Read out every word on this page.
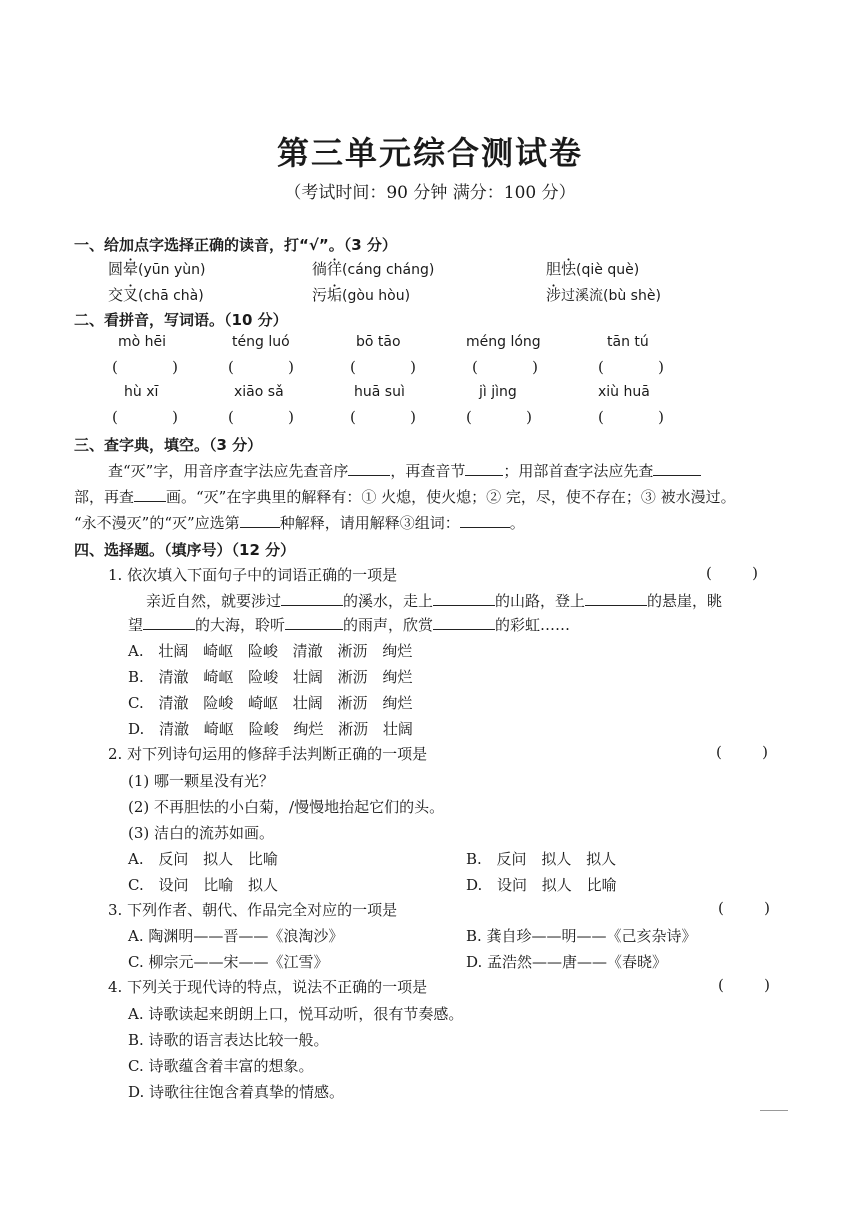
第三单元综合测试卷
（考试时间：90 分钟 满分：100 分）
一、给加点字选择正确的读音，打“√”。（3 分）
圆晕(yūn yùn)	徜徉(cáng cháng)	胆怯(qiè què)
交叉(chā chà)	污垢(gòu hòu)	涉过溪流(bù shè)
二、看拼音，写词语。（10 分）
mò hēi	téng luó	bō tāo	méng lóng	tān tú
(	)	(	)	(	)	(	)	(	)
hù xī	xiāo sǎ	huā suì	jì jìng	xiù huā
(	)	(	)	(	)	(	)	(	)
三、查字典，填空。（3 分）
查“灭”字，用音序查字法应先查音序	，再查音节	；用部首查字法应先查
部，再查 画。“灭”在字典里的解释有：① 火熄，使火熄；② 完，尽，使不存在；③ 被水漫过。
“永不漫灭”的“灭”应选第	种解释，请用解释③组词：	。
四、选择题。（填序号）（12 分）
1. 依次填入下面句子中的词语正确的一项是	(	)
亲近自然，就要涉过	的溪水，走上	的山路，登上	的悬崖，眺
望	的大海，聆听	的雨声，欣赏	的彩虹……
A. 壮阔 崎岖 险峻 清澈 淅沥 绚烂
B. 清澈 崎岖 险峻 壮阔 淅沥 绚烂
C. 清澈 险峻 崎岖 壮阔 淅沥 绚烂
D. 清澈 崎岖 险峻 绚烂 淅沥 壮阔
2. 对下列诗句运用的修辞手法判断正确的一项是	(	)
(1) 哪一颗星没有光？
(2) 不再胆怯的小白菊，/慢慢地抬起它们的头。
(3) 洁白的流苏如画。
A. 反问 拟人 比喻	B. 反问 拟人 拟人
C. 设问 比喻 拟人	D. 设问 拟人 比喻
3. 下列作者、朝代、作品完全对应的一项是	(	)
A. 陶渊明——晋——《浪淘沙》	B. 龚自珍——明——《己亥杂诗》
C. 柳宗元——宋——《江雪》	D. 孟浩然——唐——《春晓》
4. 下列关于现代诗的特点，说法不正确的一项是	(	)
A. 诗歌读起来朗朗上口，悦耳动听，很有节奏感。
B. 诗歌的语言表达比较一般。
C. 诗歌蕴含着丰富的想象。
D. 诗歌往往饱含着真挚的情感。
